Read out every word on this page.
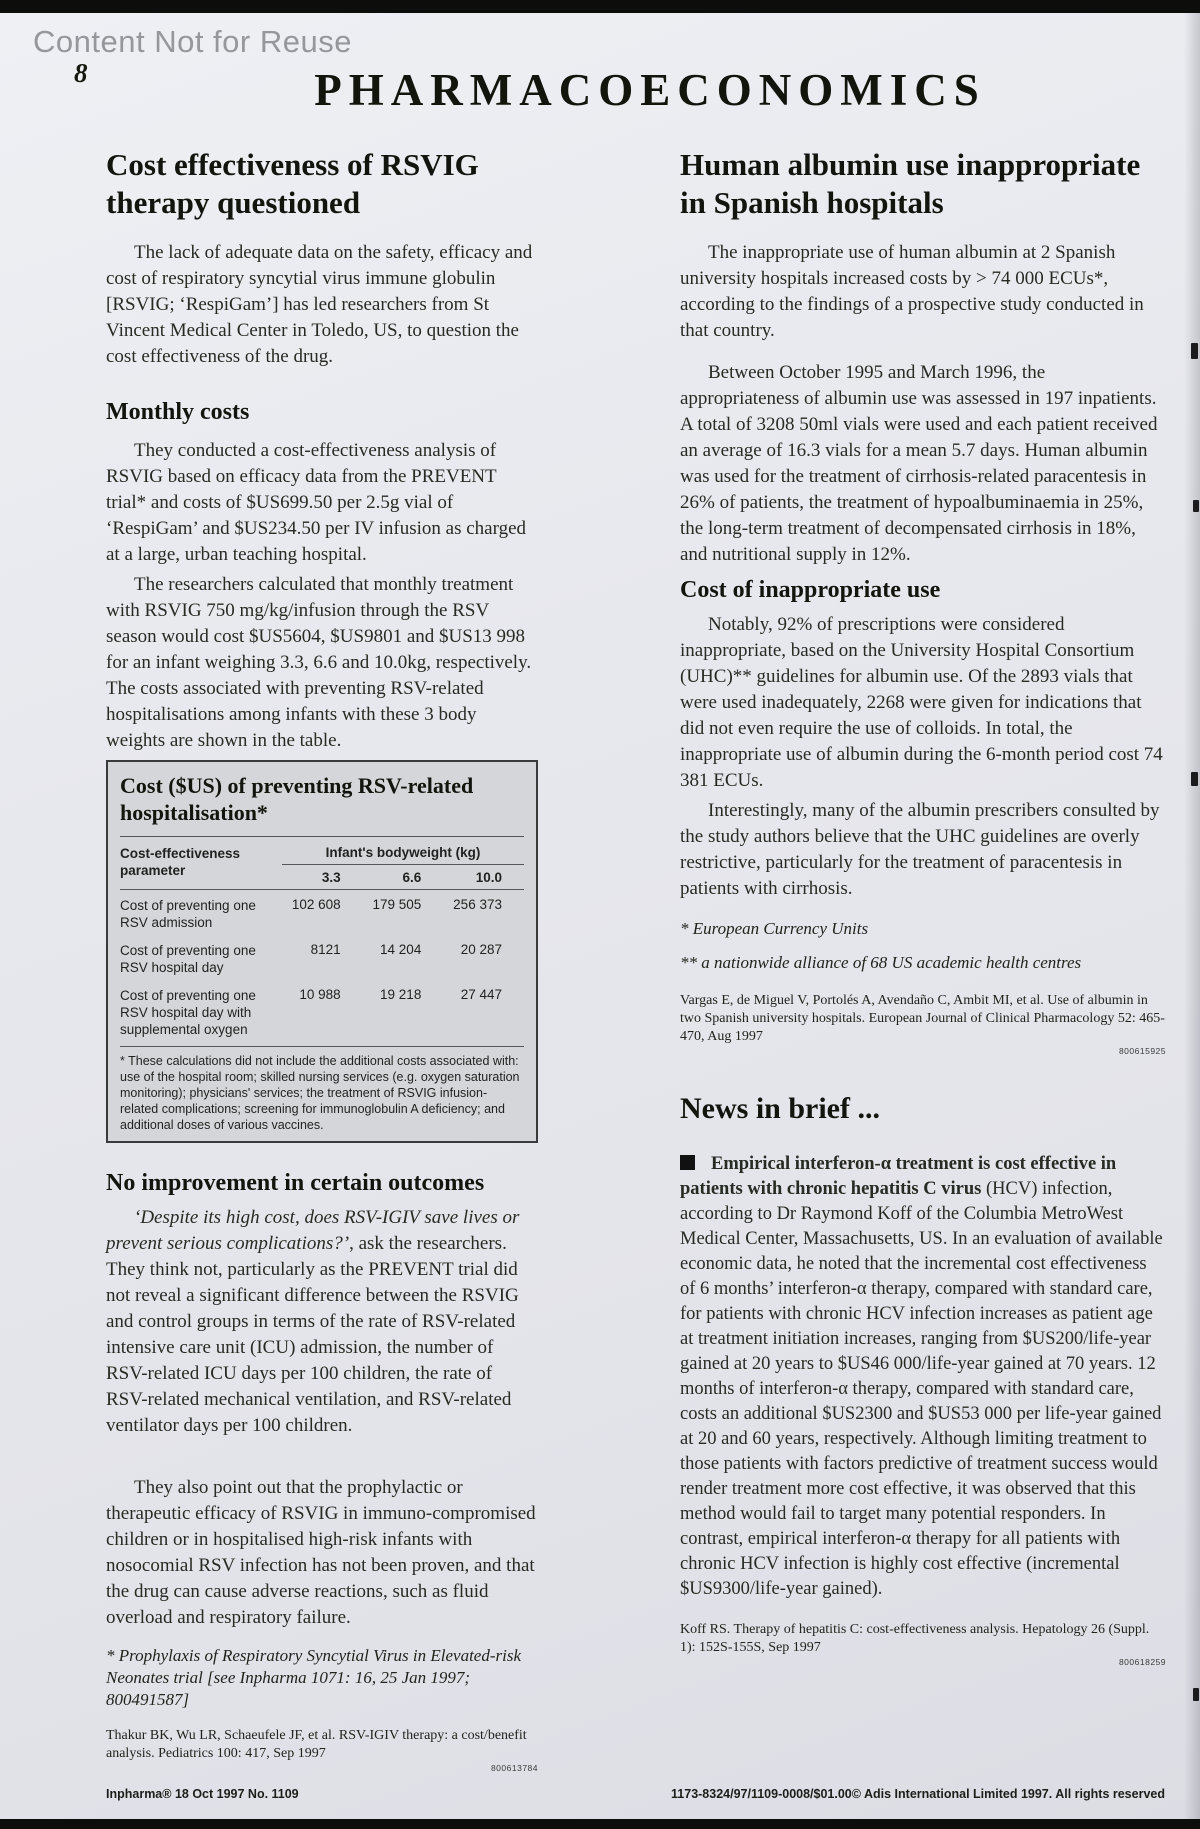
Content Not for Reuse
8	PHARMACOECONOMICS
Cost effectiveness of RSVIG
therapy questioned

The lack of adequate data on the safety, efficacy and cost of respiratory syncytial virus immune globulin [RSVIG; ‘RespiGam’] has led researchers from St Vincent Medical Center in Toledo, US, to question the cost effectiveness of the drug.

Monthly costs

They conducted a cost-effectiveness analysis of RSVIG based on efficacy data from the PREVENT trial* and costs of $US699.50 per 2.5g vial of ‘RespiGam’ and $US234.50 per IV infusion as charged at a large, urban teaching hospital.

The researchers calculated that monthly treatment with RSVIG 750 mg/kg/infusion through the RSV season would cost $US5604, $US9801 and $US13 998 for an infant weighing 3.3, 6.6 and 10.0kg, respectively. The costs associated with preventing RSV-related hospitalisations among infants with these 3 body weights are shown in the table.

Cost ($US) of preventing RSV-related hospitalisation*
Cost-effectiveness parameter
Infant's bodyweight (kg)
3.3	6.6	10.0
Cost of preventing one RSV admission
102 608	179 505	256 373
Cost of preventing one RSV hospital day
8121	14 204	20 287
Cost of preventing one RSV hospital day with supplemental oxygen
10 988	19 218	27 447
* These calculations did not include the additional costs associated with: use of the hospital room; skilled nursing services (e.g. oxygen saturation monitoring); physicians' services; the treatment of RSVIG infusion-related complications; screening for immunoglobulin A deficiency; and additional doses of various vaccines.
No improvement in certain outcomes

‘Despite its high cost, does RSV-IGIV save lives or prevent serious complications?’, ask the researchers. They think not, particularly as the PREVENT trial did not reveal a significant difference between the RSVIG and control groups in terms of the rate of RSV-related intensive care unit (ICU) admission, the number of RSV-related ICU days per 100 children, the rate of RSV-related mechanical ventilation, and RSV-related ventilator days per 100 children.

They also point out that the prophylactic or therapeutic efficacy of RSVIG in immuno-compromised children or in hospitalised high-risk infants with nosocomial RSV infection has not been proven, and that the drug can cause adverse reactions, such as fluid overload and respiratory failure.

* Prophylaxis of Respiratory Syncytial Virus in Elevated-risk Neonates trial [see Inpharma 1071: 16, 25 Jan 1997; 800491587]

Thakur BK, Wu LR, Schaeufele JF, et al. RSV-IGIV therapy: a cost/benefit analysis. Pediatrics 100: 417, Sep 1997
800613784

Human albumin use inappropriate
in Spanish hospitals

The inappropriate use of human albumin at 2 Spanish university hospitals increased costs by > 74 000 ECUs*, according to the findings of a prospective study conducted in that country.

Between October 1995 and March 1996, the appropriateness of albumin use was assessed in 197 inpatients. A total of 3208 50ml vials were used and each patient received an average of 16.3 vials for a mean 5.7 days. Human albumin was used for the treatment of cirrhosis-related paracentesis in 26% of patients, the treatment of hypoalbuminaemia in 25%, the long-term treatment of decompensated cirrhosis in 18%, and nutritional supply in 12%.

Cost of inappropriate use

Notably, 92% of prescriptions were considered inappropriate, based on the University Hospital Consortium (UHC)** guidelines for albumin use. Of the 2893 vials that were used inadequately, 2268 were given for indications that did not even require the use of colloids. In total, the inappropriate use of albumin during the 6-month period cost 74 381 ECUs.

Interestingly, many of the albumin prescribers consulted by the study authors believe that the UHC guidelines are overly restrictive, particularly for the treatment of paracentesis in patients with cirrhosis.

* European Currency Units

** a nationwide alliance of 68 US academic health centres

Vargas E, de Miguel V, Portolés A, Avendaño C, Ambit MI, et al. Use of albumin in two Spanish university hospitals. European Journal of Clinical Pharmacology 52: 465-470, Aug 1997
800615925

News in brief ...

Empirical interferon-α treatment is cost effective in patients with chronic hepatitis C virus (HCV) infection, according to Dr Raymond Koff of the Columbia MetroWest Medical Center, Massachusetts, US. In an evaluation of available economic data, he noted that the incremental cost effectiveness of 6 months’ interferon-α therapy, compared with standard care, for patients with chronic HCV infection increases as patient age at treatment initiation increases, ranging from $US200/life-year gained at 20 years to $US46 000/life-year gained at 70 years. 12 months of interferon-α therapy, compared with standard care, costs an additional $US2300 and $US53 000 per life-year gained at 20 and 60 years, respectively. Although limiting treatment to those patients with factors predictive of treatment success would render treatment more cost effective, it was observed that this method would fail to target many potential responders. In contrast, empirical interferon-α therapy for all patients with chronic HCV infection is highly cost effective (incremental $US9300/life-year gained).

Koff RS. Therapy of hepatitis C: cost-effectiveness analysis. Hepatology 26 (Suppl. 1): 152S-155S, Sep 1997
800618259

Inpharma® 18 Oct 1997 No. 1109	1173-8324/97/1109-0008/$01.00© Adis International Limited 1997. All rights reserved
